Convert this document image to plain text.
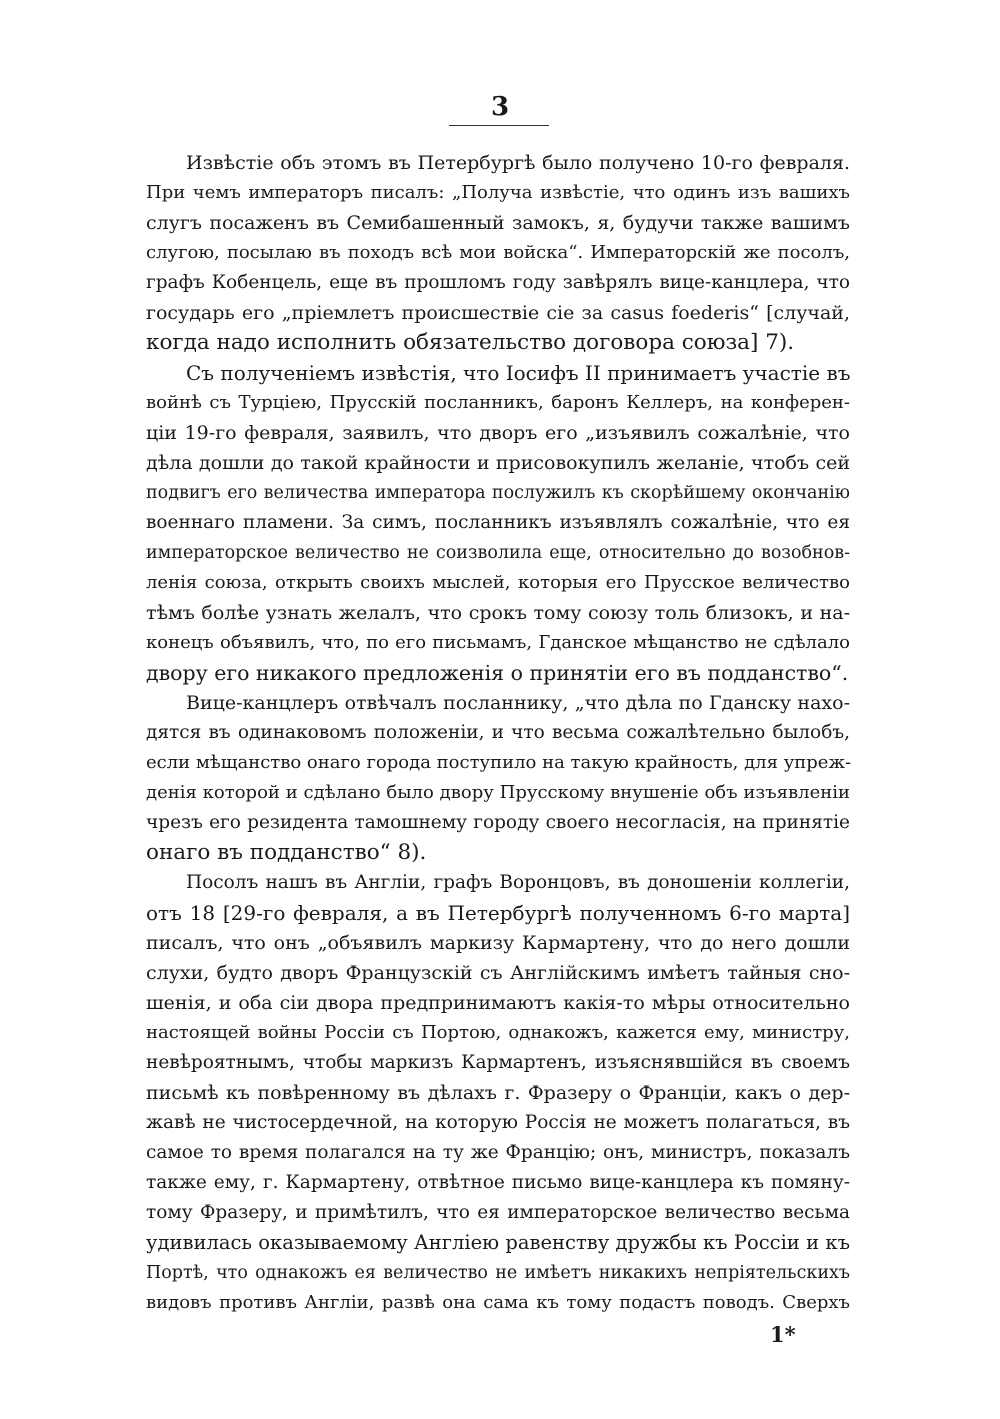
3
Извѣстіе объ этомъ въ Петербургѣ было получено 10-го февраля.
При чемъ императоръ писалъ: „Получа извѣстіе, что одинъ изъ вашихъ
слугъ посаженъ въ Семибашенный замокъ, я, будучи также вашимъ
слугою, посылаю въ походъ всѣ мои войска“. Императорскій же посолъ,
графъ Кобенцель, еще въ прошломъ году завѣрялъ вице-канцлера, что
государь его „пріемлетъ происшествіе сіе за casus foederis“ [случай,
когда надо исполнить обязательство договора союза] 7).
Съ полученіемъ извѣстія, что Іосифъ II принимаетъ участіе въ
войнѣ съ Турціею, Прусскій посланникъ, баронъ Келлеръ, на конферен-
ціи 19-го февраля, заявилъ, что дворъ его „изъявилъ сожалѣніе, что
дѣла дошли до такой крайности и присовокупилъ желаніе, чтобъ сей
подвигъ его величества императора послужилъ къ скорѣйшему окончанію
военнаго пламени. За симъ, посланникъ изъявлялъ сожалѣніе, что ея
императорское величество не соизволила еще, относительно до возобнов-
ленія союза, открыть своихъ мыслей, которыя его Прусское величество
тѣмъ болѣе узнать желалъ, что срокъ тому союзу толь близокъ, и на-
конецъ объявилъ, что, по его письмамъ, Гданское мѣщанство не сдѣлало
двору его никакого предложенія о принятіи его въ подданство“.
Вице-канцлеръ отвѣчалъ посланнику, „что дѣла по Гданску нахо-
дятся въ одинаковомъ положеніи, и что весьма сожалѣтельно былобъ,
если мѣщанство онаго города поступило на такую крайность, для упреж-
денія которой и сдѣлано было двору Прусскому внушеніе объ изъявленіи
чрезъ его резидента тамошнему городу своего несогласія, на принятіе
онаго въ подданство“ 8).
Посолъ нашъ въ Англіи, графъ Воронцовъ, въ доношеніи коллегіи,
отъ 18 [29-го февраля, а въ Петербургѣ полученномъ 6-го марта]
писалъ, что онъ „объявилъ маркизу Кармартену, что до него дошли
слухи, будто дворъ Французскій съ Англійскимъ имѣетъ тайныя сно-
шенія, и оба сіи двора предпринимаютъ какія-то мѣры относительно
настоящей войны Россіи съ Портою, однакожъ, кажется ему, министру,
невѣроятнымъ, чтобы маркизъ Кармартенъ, изъяснявшійся въ своемъ
письмѣ къ повѣренному въ дѣлахъ г. Фразеру о Франціи, какъ о дер-
жавѣ не чистосердечной, на которую Россія не можетъ полагаться, въ
самое то время полагался на ту же Францію; онъ, министръ, показалъ
также ему, г. Кармартену, отвѣтное письмо вице-канцлера къ помяну-
тому Фразеру, и примѣтилъ, что ея императорское величество весьма
удивилась оказываемому Англіею равенству дружбы къ Россіи и къ
Портѣ, что однакожъ ея величество не имѣетъ никакихъ непріятельскихъ
видовъ противъ Англіи, развѣ она сама къ тому подастъ поводъ. Сверхъ
1*
